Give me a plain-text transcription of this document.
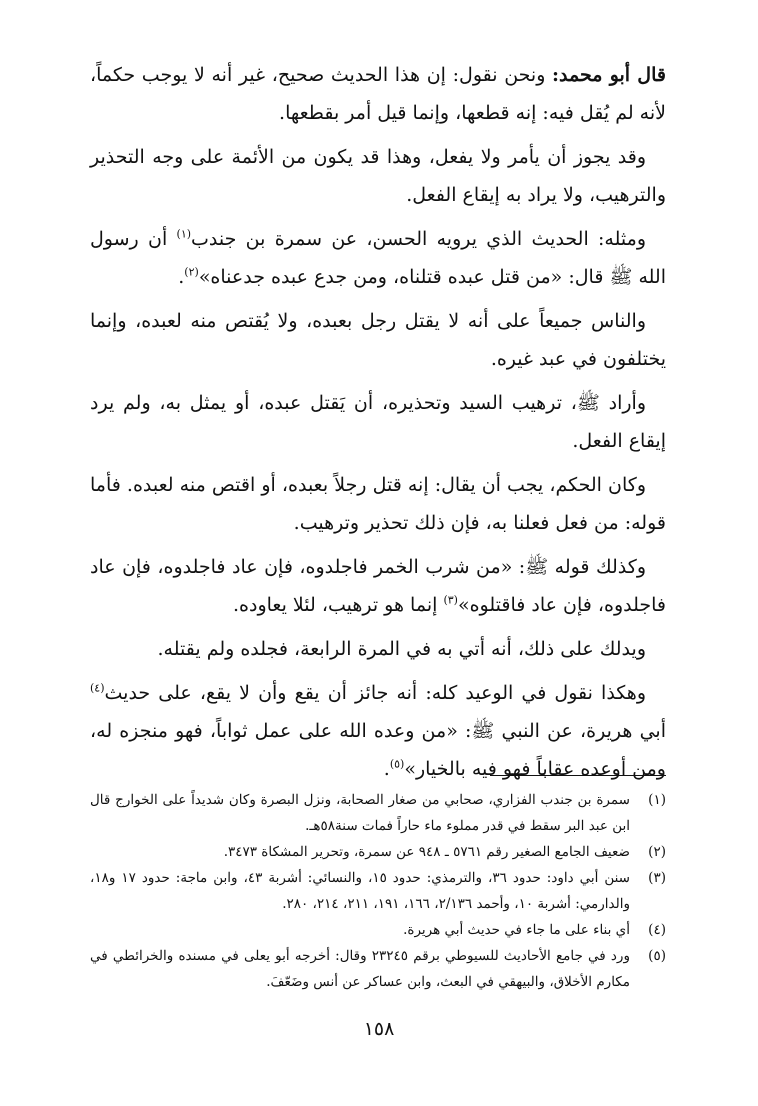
قال أبو محمد: ونحن نقول: إن هذا الحديث صحيح، غير أنه لا يوجب حكماً، لأنه لم يُقل فيه: إنه قطعها، وإنما قيل أمر بقطعها.

وقد يجوز أن يأمر ولا يفعل، وهذا قد يكون من الأئمة على وجه التحذير والترهيب، ولا يراد به إيقاع الفعل.

ومثله: الحديث الذي يرويه الحسن، عن سمرة بن جندب$^{(١)}$ أن رسول الله ﷺ قال: «من قتل عبده قتلناه، ومن جدع عبده جدعناه»$^{(٢)}$.

والناس جميعاً على أنه لا يقتل رجل بعبده، ولا يُقتص منه لعبده، وإنما يختلفون في عبد غيره.

وأراد ﷺ، ترهيب السيد وتحذيره، أن يَقتل عبده، أو يمثل به، ولم يرد إيقاع الفعل.

وكان الحكم، يجب أن يقال: إنه قتل رجلاً بعبده، أو اقتص منه لعبده. فأما قوله: من فعل فعلنا به، فإن ذلك تحذير وترهيب.

وكذلك قوله ﷺ: «من شرب الخمر فاجلدوه، فإن عاد فاجلدوه، فإن عاد فاجلدوه، فإن عاد فاقتلوه»$^{(٣)}$ إنما هو ترهيب، لئلا يعاوده.

ويدلك على ذلك، أنه أتي به في المرة الرابعة، فجلده ولم يقتله.

وهكذا نقول في الوعيد كله: أنه جائز أن يقع وأن لا يقع، على حديث$^{(٤)}$ أبي هريرة، عن النبي ﷺ: «من وعده الله على عمل ثواباً، فهو منجزه له، ومن أوعده عقاباً فهو فيه بالخيار»$^{(٥)}$.

(١)
سمرة بن جندب الفزاري، صحابي من صغار الصحابة، ونزل البصرة وكان شديداً على الخوارج قال ابن عبد البر سقط في قدر مملوء ماء حاراً فمات سنة٥٨هـ.
(٢)
ضعيف الجامع الصغير رقم ٥٧٦١ ـ ٩٤٨ عن سمرة، وتحرير المشكاة ٣٤٧٣.
(٣)
سنن أبي داود: حدود ٣٦، والترمذي: حدود ١٥، والنسائي: أشربة ٤٣، وابن ماجة: حدود ١٧ و١٨، والدارمي: أشربة ١٠، وأحمد ٢/١٣٦، ١٦٦، ١٩١، ٢١١، ٢١٤، ٢٨٠.
(٤)
أي بناء على ما جاء في حديث أبي هريرة.
(٥)
ورد في جامع الأحاديث للسيوطي برقم ٢٣٢٤٥ وقال: أخرجه أبو يعلى في مسنده والخرائطي في مكارم الأخلاق، والبيهقي في البعث، وابن عساكر عن أنس وضَعّفَ.
١٥٨
